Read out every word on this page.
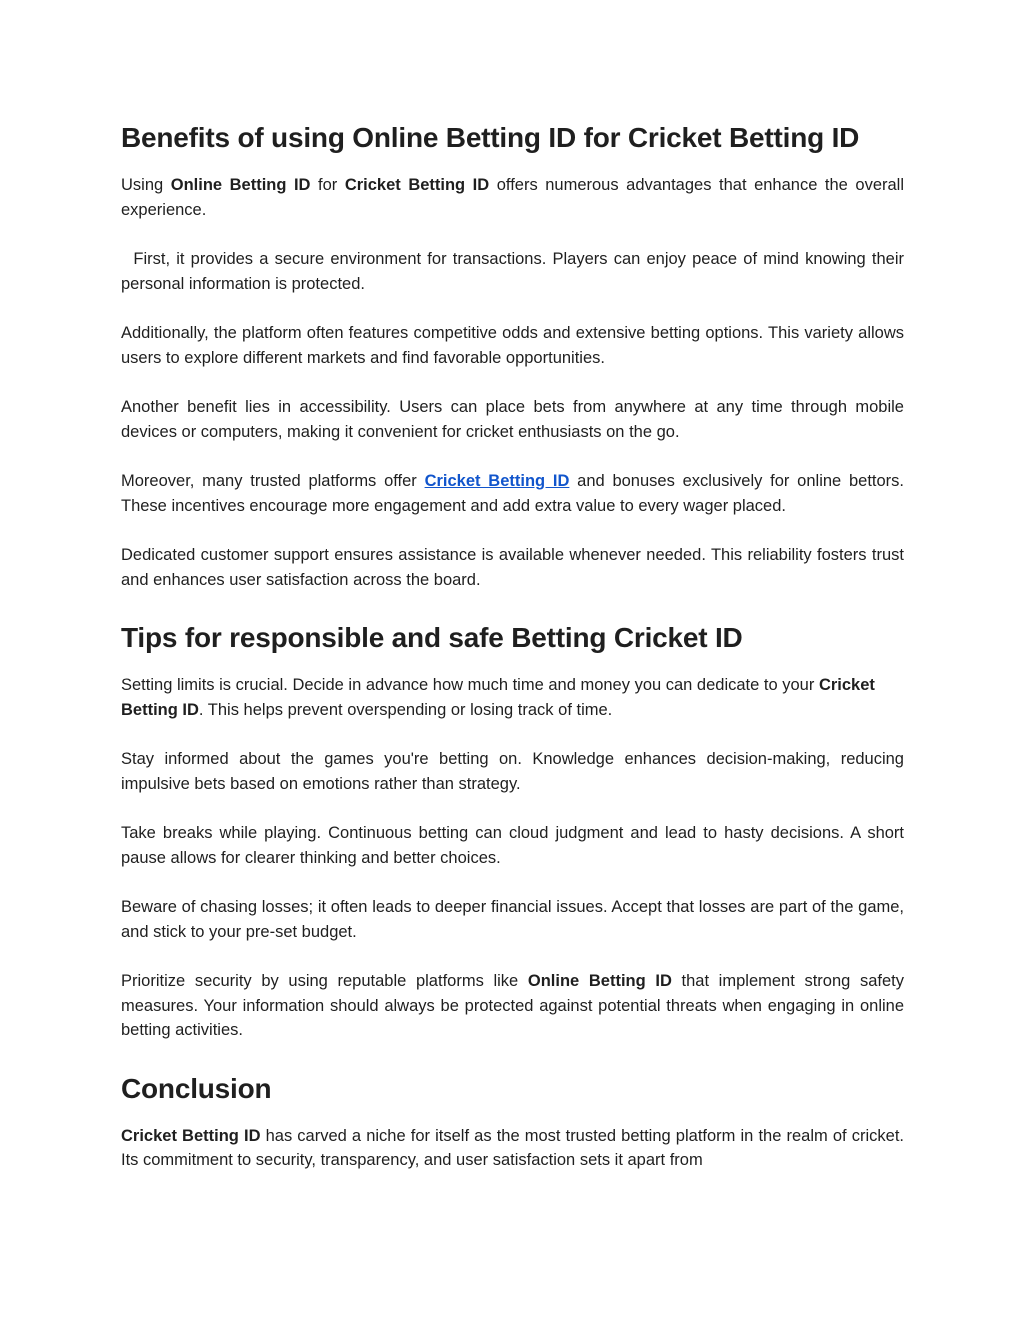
Benefits of using Online Betting ID for Cricket Betting ID

Using Online Betting ID for Cricket Betting ID offers numerous advantages that enhance the overall experience.

First, it provides a secure environment for transactions. Players can enjoy peace of mind knowing their personal information is protected.

Additionally, the platform often features competitive odds and extensive betting options. This variety allows users to explore different markets and find favorable opportunities.

Another benefit lies in accessibility. Users can place bets from anywhere at any time through mobile devices or computers, making it convenient for cricket enthusiasts on the go.

Moreover, many trusted platforms offer Cricket Betting ID and bonuses exclusively for online bettors. These incentives encourage more engagement and add extra value to every wager placed.

Dedicated customer support ensures assistance is available whenever needed. This reliability fosters trust and enhances user satisfaction across the board.

Tips for responsible and safe Betting Cricket ID

Setting limits is crucial. Decide in advance how much time and money you can dedicate to your Cricket Betting ID. This helps prevent overspending or losing track of time.

Stay informed about the games you're betting on. Knowledge enhances decision-making, reducing impulsive bets based on emotions rather than strategy.

Take breaks while playing. Continuous betting can cloud judgment and lead to hasty decisions. A short pause allows for clearer thinking and better choices.

Beware of chasing losses; it often leads to deeper financial issues. Accept that losses are part of the game, and stick to your pre-set budget.

Prioritize security by using reputable platforms like Online Betting ID that implement strong safety measures. Your information should always be protected against potential threats when engaging in online betting activities.

Conclusion

Cricket Betting ID has carved a niche for itself as the most trusted betting platform in the realm of cricket. Its commitment to security, transparency, and user satisfaction sets it apart from
